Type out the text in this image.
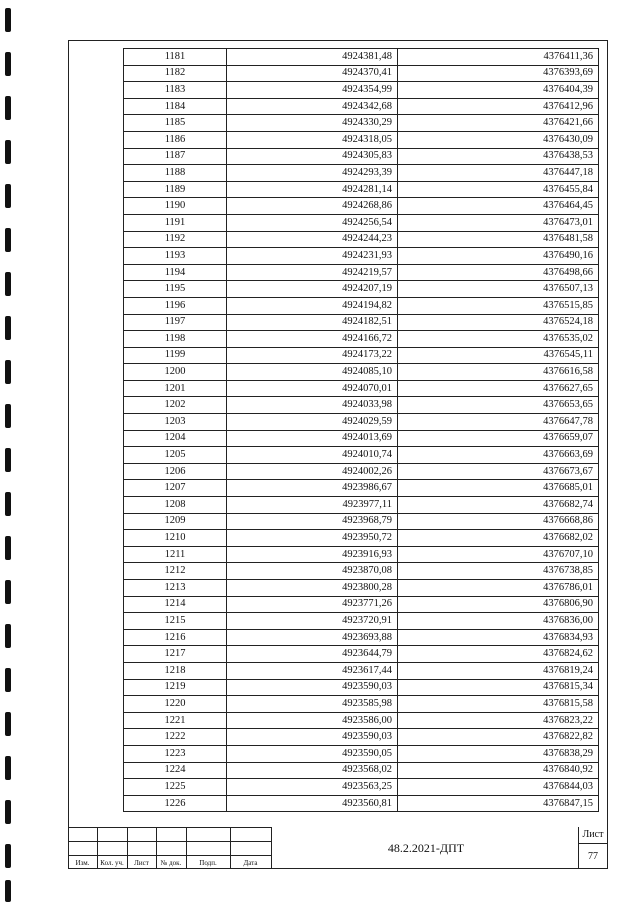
1181	4924381,48	4376411,36
1182	4924370,41	4376393,69
1183	4924354,99	4376404,39
1184	4924342,68	4376412,96
1185	4924330,29	4376421,66
1186	4924318,05	4376430,09
1187	4924305,83	4376438,53
1188	4924293,39	4376447,18
1189	4924281,14	4376455,84
1190	4924268,86	4376464,45
1191	4924256,54	4376473,01
1192	4924244,23	4376481,58
1193	4924231,93	4376490,16
1194	4924219,57	4376498,66
1195	4924207,19	4376507,13
1196	4924194,82	4376515,85
1197	4924182,51	4376524,18
1198	4924166,72	4376535,02
1199	4924173,22	4376545,11
1200	4924085,10	4376616,58
1201	4924070,01	4376627,65
1202	4924033,98	4376653,65
1203	4924029,59	4376647,78
1204	4924013,69	4376659,07
1205	4924010,74	4376663,69
1206	4924002,26	4376673,67
1207	4923986,67	4376685,01
1208	4923977,11	4376682,74
1209	4923968,79	4376668,86
1210	4923950,72	4376682,02
1211	4923916,93	4376707,10
1212	4923870,08	4376738,85
1213	4923800,28	4376786,01
1214	4923771,26	4376806,90
1215	4923720,91	4376836,00
1216	4923693,88	4376834,93
1217	4923644,79	4376824,62
1218	4923617,44	4376819,24
1219	4923590,03	4376815,34
1220	4923585,98	4376815,58
1221	4923586,00	4376823,22
1222	4923590,03	4376822,82
1223	4923590,05	4376838,29
1224	4923568,02	4376840,92
1225	4923563,25	4376844,03
1226	4923560,81	4376847,15
Изм.	Кол. уч.	Лист	№ док.	Подп.	Дата
48.2.2021-ДПТ
Лист
77
